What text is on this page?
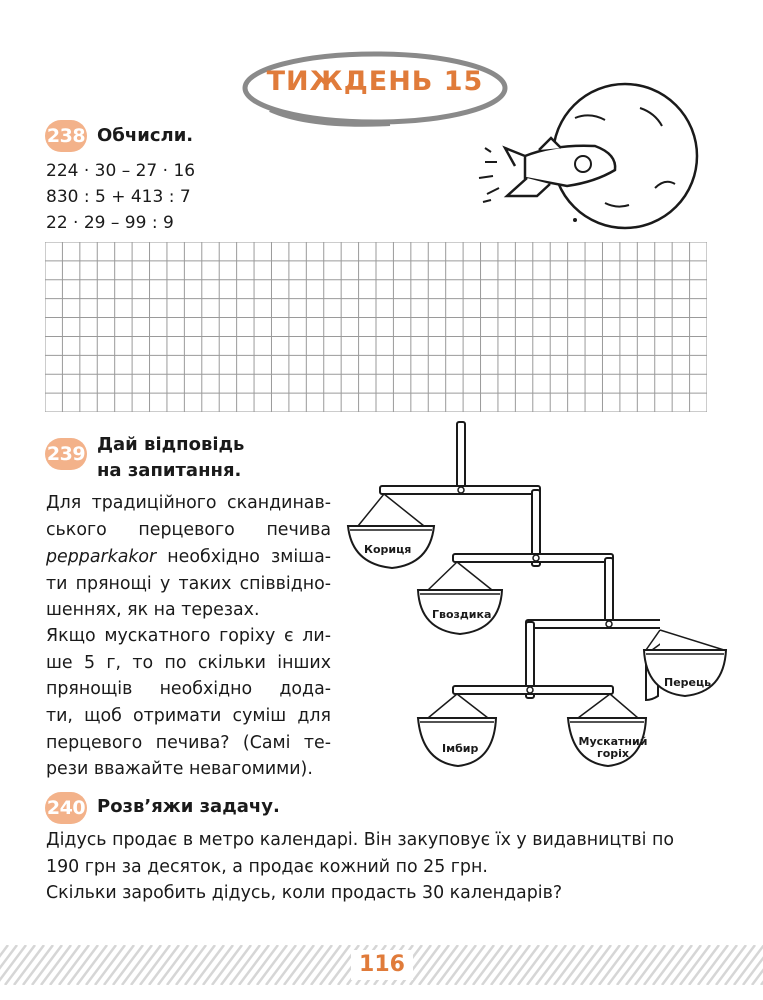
ТИЖДЕНЬ 15
238 Обчисли.
224 · 30 – 27 · 16
830 : 5 + 413 : 7
22 · 29 – 99 : 9
239 Дай відповідь
на запитання.
Для традиційного скандинав-
ського перцевого печива
pepparkakor необхідно зміша-
ти прянощі у таких співвідно-
шеннях, як на терезах.
Якщо мускатного горіху є ли-
ше 5 г, то по скільки інших
прянощів необхідно дода-
ти, щоб отримати суміш для
перцевого печива? (Самі те-
рези вважайте невагомими).
Кориця
Гвоздика
Перець
Імбир
Мускатний
горіх
240 Розв’яжи задачу.
Дідусь продає в метро календарі. Він закуповує їх у видавництві по
190 грн за десяток, а продає кожний по 25 грн.
Скільки заробить дідусь, коли продасть 30 календарів?
116
